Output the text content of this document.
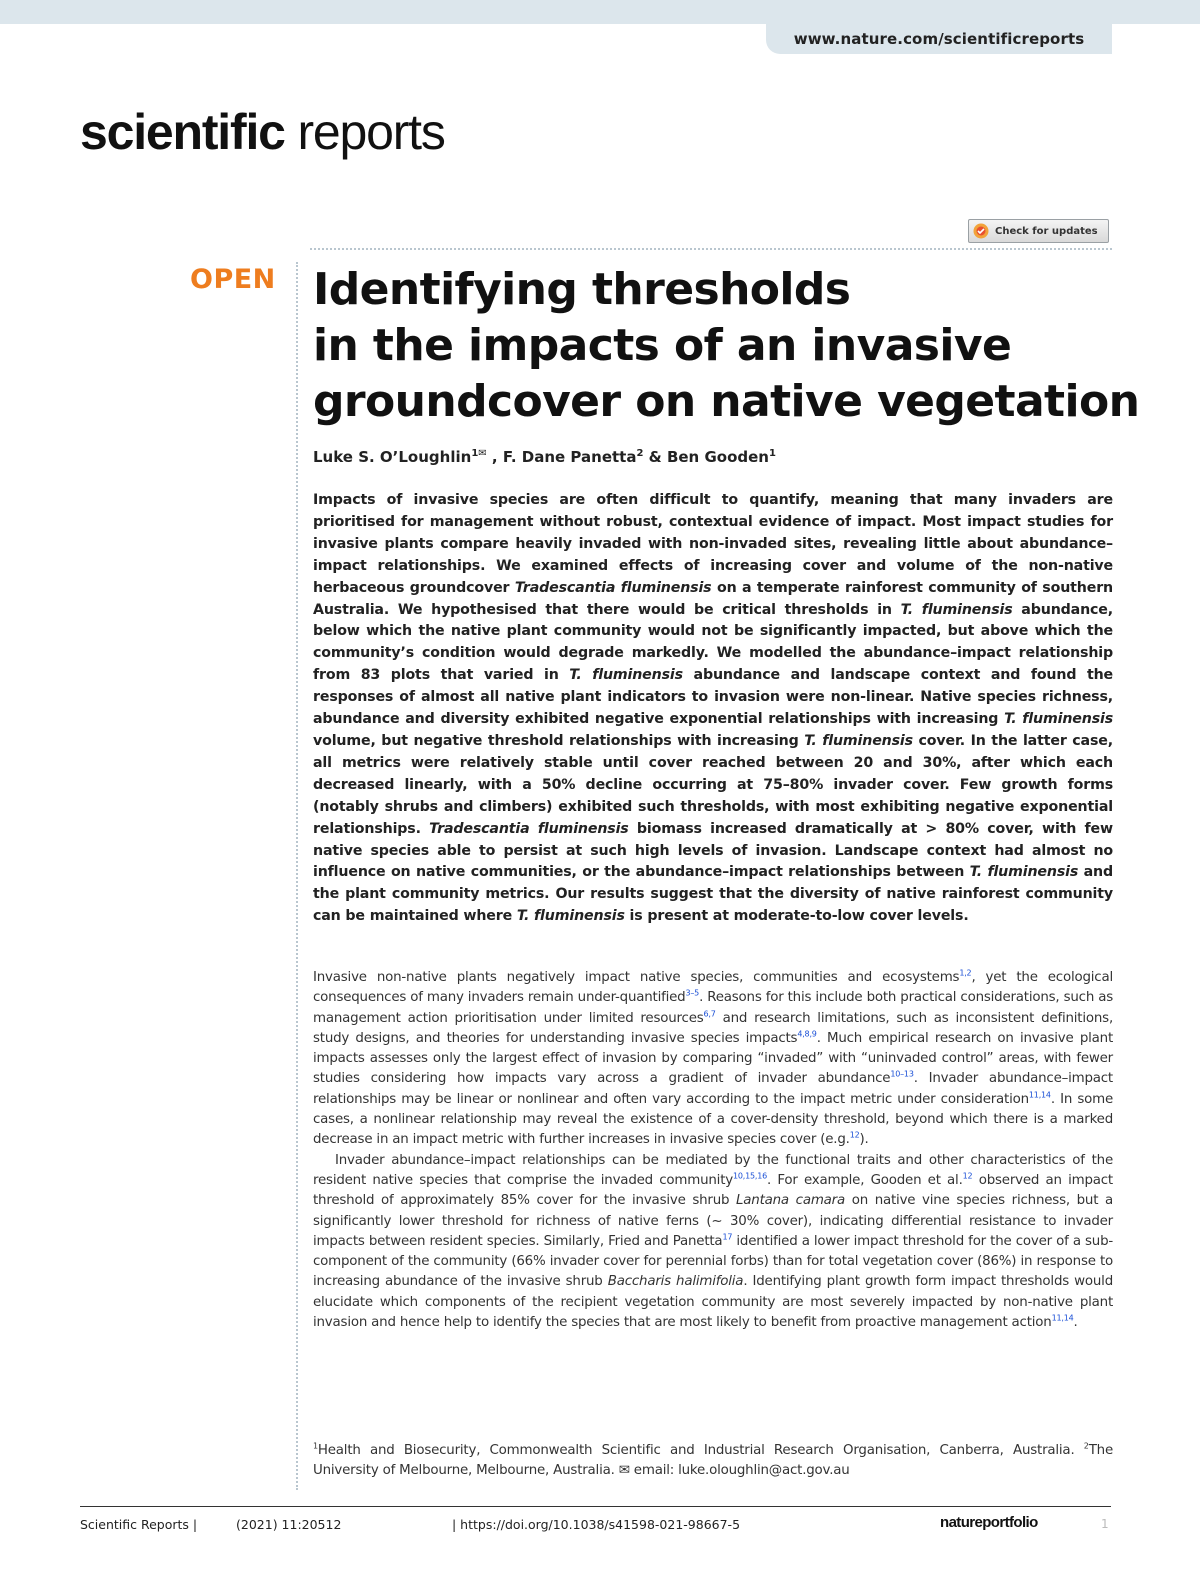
www.nature.com/scientificreports
scientific reports
Check for updates
OPEN Identifying thresholds
in the impacts of an invasive
groundcover on native vegetation
Luke S. O’Loughlin$^{1✉}$ , F. Dane Panetta$^2$ & Ben Gooden$^1$

Impacts of invasive species are often difficult to quantify, meaning that many invaders are prioritised for management without robust, contextual evidence of impact. Most impact studies for invasive plants compare heavily invaded with non-invaded sites, revealing little about abundance–impact relationships. We examined effects of increasing cover and volume of the non-native herbaceous groundcover Tradescantia fluminensis on a temperate rainforest community of southern Australia. We hypothesised that there would be critical thresholds in T. fluminensis abundance, below which the native plant community would not be significantly impacted, but above which the community’s condition would degrade markedly. We modelled the abundance–impact relationship from 83 plots that varied in T. fluminensis abundance and landscape context and found the responses of almost all native plant indicators to invasion were non-linear. Native species richness, abundance and diversity exhibited negative exponential relationships with increasing T. fluminensis volume, but negative threshold relationships with increasing T. fluminensis cover. In the latter case, all metrics were relatively stable until cover reached between 20 and 30%, after which each decreased linearly, with a 50% decline occurring at 75–80% invader cover. Few growth forms (notably shrubs and climbers) exhibited such thresholds, with most exhibiting negative exponential relationships. Tradescantia fluminensis biomass increased dramatically at > 80% cover, with few native species able to persist at such high levels of invasion. Landscape context had almost no influence on native communities, or the abundance–impact relationships between T. fluminensis and the plant community metrics. Our results suggest that the diversity of native rainforest community can be maintained where T. fluminensis is present at moderate-to-low cover levels.

Invasive non-native plants negatively impact native species, communities and ecosystems$^{1,2}$, yet the ecological consequences of many invaders remain under-quantified$^{3-5}$. Reasons for this include both practical considerations, such as management action prioritisation under limited resources$^{6,7}$ and research limitations, such as inconsistent definitions, study designs, and theories for understanding invasive species impacts$^{4,8,9}$. Much empirical research on invasive plant impacts assesses only the largest effect of invasion by comparing “invaded” with “uninvaded control” areas, with fewer studies considering how impacts vary across a gradient of invader abundance$^{10-13}$. Invader abundance–impact relationships may be linear or nonlinear and often vary according to the impact metric under consideration$^{11,14}$. In some cases, a nonlinear relationship may reveal the existence of a cover-density threshold, beyond which there is a marked decrease in an impact metric with further increases in invasive species cover (e.g.$^{12}$).

Invader abundance–impact relationships can be mediated by the functional traits and other characteristics of the resident native species that comprise the invaded community$^{10,15,16}$. For example, Gooden et al.$^{12}$ observed an impact threshold of approximately 85% cover for the invasive shrub Lantana camara on native vine species richness, but a significantly lower threshold for richness of native ferns (~ 30% cover), indicating differential resistance to invader impacts between resident species. Similarly, Fried and Panetta$^{17}$ identified a lower impact threshold for the cover of a sub-component of the community (66% invader cover for perennial forbs) than for total vegetation cover (86%) in response to increasing abundance of the invasive shrub Baccharis halimifolia. Identifying plant growth form impact thresholds would elucidate which components of the recipient vegetation community are most severely impacted by non-native plant invasion and hence help to identify the species that are most likely to benefit from proactive management action$^{11,14}$.

$^1$Health and Biosecurity, Commonwealth Scientific and Industrial Research Organisation, Canberra, Australia. $^2$The University of Melbourne, Melbourne, Australia. ✉ email: luke.oloughlin@act.gov.au

Scientific Reports |	(2021) 11:20512	| https://doi.org/10.1038/s41598-021-98667-5	natureportfolio	1
